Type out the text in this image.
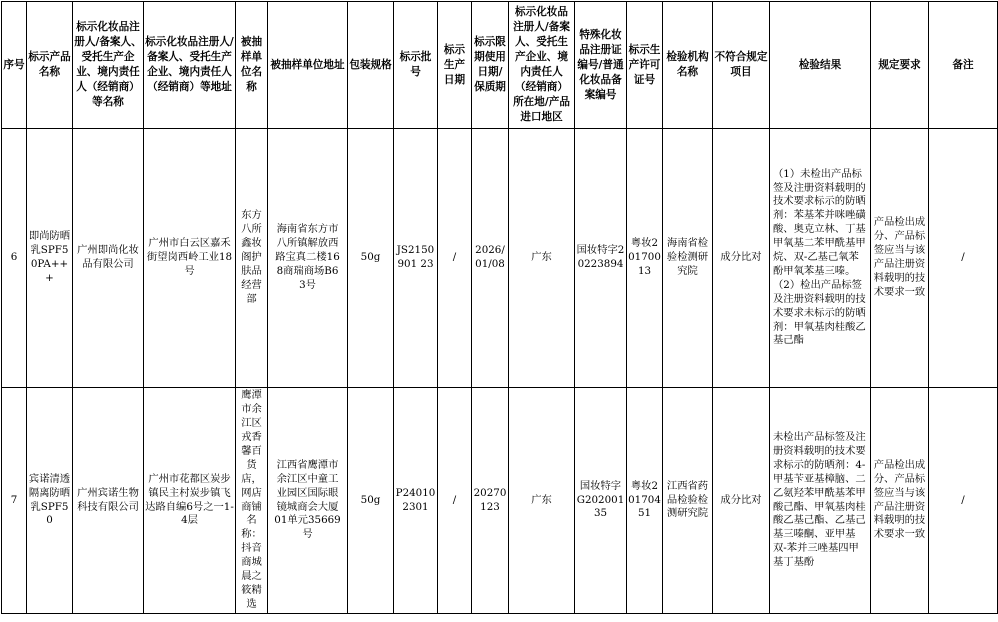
序号	标示产品名称	标示化妆品注册人/备案人、受托生产企业、境内责任人（经销商）等名称	标示化妆品注册人/备案人、受托生产企业、境内责任人（经销商）等地址	被抽样单位名称	被抽样单位地址	包装规格	标示批号	标示生产日期	标示限期使用日期/保质期	标示化妆品注册人/备案人、受托生产企业、境内责任人（经销商）所在地/产品进口地区	特殊化妆品注册证编号/普通化妆品备案编号	标示生产许可证号	检验机构名称	不符合规定项目	检验结果	规定要求	备注
6	即尚防晒乳SPF50PA+++	广州即尚化妆品有限公司	广州市白云区嘉禾街望岗西岭工业18号	东方八所鑫妆阁护肤品经营部	海南省东方市八所镇解放西路宝真二楼168商瑞商场B63号	50g	JS2150901 23	/	2026/01/08	广东	国妆特字20223894	粤妆20170013	海南省检验检测研究院	成分比对	（1）未检出产品标签及注册资料载明的技术要求标示的防晒剂：苯基苯并咪唑磺酸、奥克立林、丁基甲氧基二苯甲酰基甲烷、双-乙基己氧苯酚甲氧苯基三嗪。（2）检出产品标签及注册资料载明的技术要求未标示的防晒剂：甲氧基肉桂酸乙基己酯	产品检出成分、产品标签应当与该产品注册资料载明的技术要求一致	/
7	宾诺清透隔离防晒乳SPF50	广州宾诺生物科技有限公司	广州市花都区炭步镇民主村炭步镇飞达路自编6号之一1-4层	鹰潭市余江区戎香馨百货店，网店商铺名称：抖音商城晨之筱精选	江西省鹰潭市余江区中童工业园区国际眼镜城商会大厦01单元35669号	50g	P240102301	/	20270123	广东	国妆特字G20200135	粤妆20170451	江西省药品检验检测研究院	成分比对	未检出产品标签及注册资料载明的技术要求标示的防晒剂：4-甲基苄亚基樟脑、二乙氨羟苯甲酰基苯甲酸己酯、甲氧基肉桂酸乙基己酯、乙基己基三嗪酮、亚甲基双-苯并三唑基四甲基丁基酚	产品检出成分、产品标签应当与该产品注册资料载明的技术要求一致	/
